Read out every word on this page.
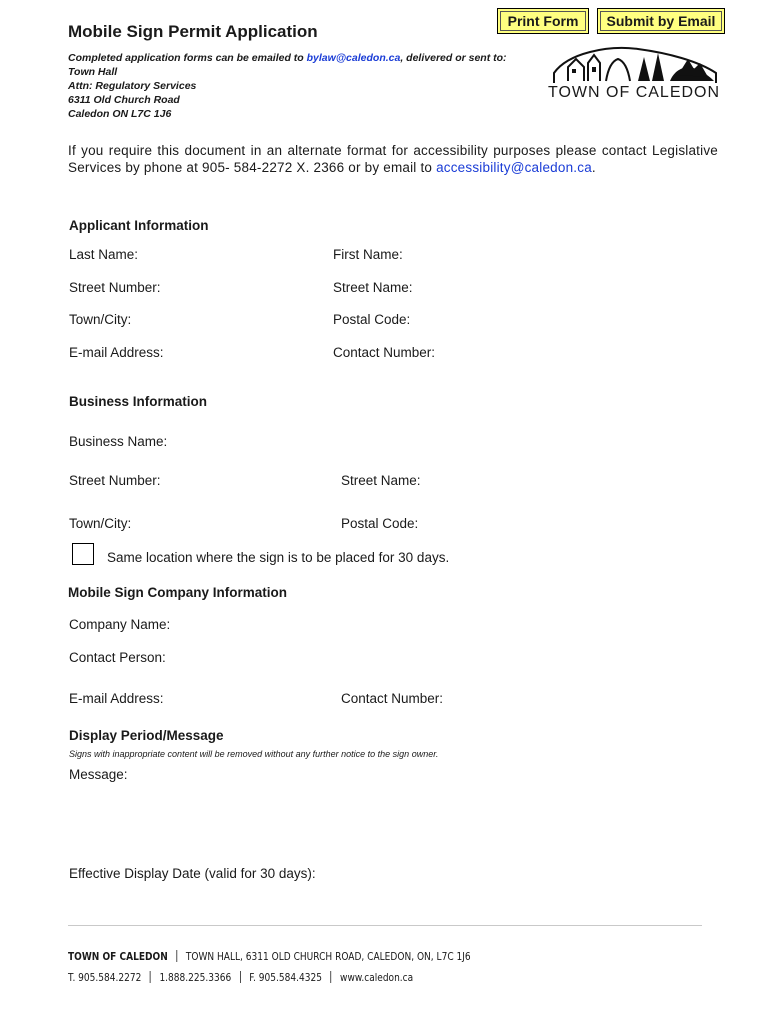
Mobile Sign Permit Application
Print Form	Submit by Email
Completed application forms can be emailed to bylaw@caledon.ca, delivered or sent to:
Town Hall
Attn: Regulatory Services
6311 Old Church Road
Caledon ON L7C 1J6
TOWN OF CALEDON
If you require this document in an alternate format for accessibility purposes please contact Legislative Services by phone at 905- 584-2272 X. 2366 or by email to accessibility@caledon.ca.
Applicant Information
Last Name:	First Name:
Street Number:	Street Name:
Town/City:	Postal Code:
E-mail Address:	Contact Number:
Business Information
Business Name:
Street Number:	Street Name:
Town/City:	Postal Code:
Same location where the sign is to be placed for 30 days.
Mobile Sign Company Information
Company Name:
Contact Person:
E-mail Address:	Contact Number:
Display Period/Message
Signs with inappropriate content will be removed without any further notice to the sign owner.
Message:
Effective Display Date (valid for 30 days):
TOWN OF CALEDON TOWN HALL, 6311 OLD CHURCH ROAD, CALEDON, ON, L7C 1J6
T. 905.584.2272 1.888.225.3366 F. 905.584.4325 www.caledon.ca
